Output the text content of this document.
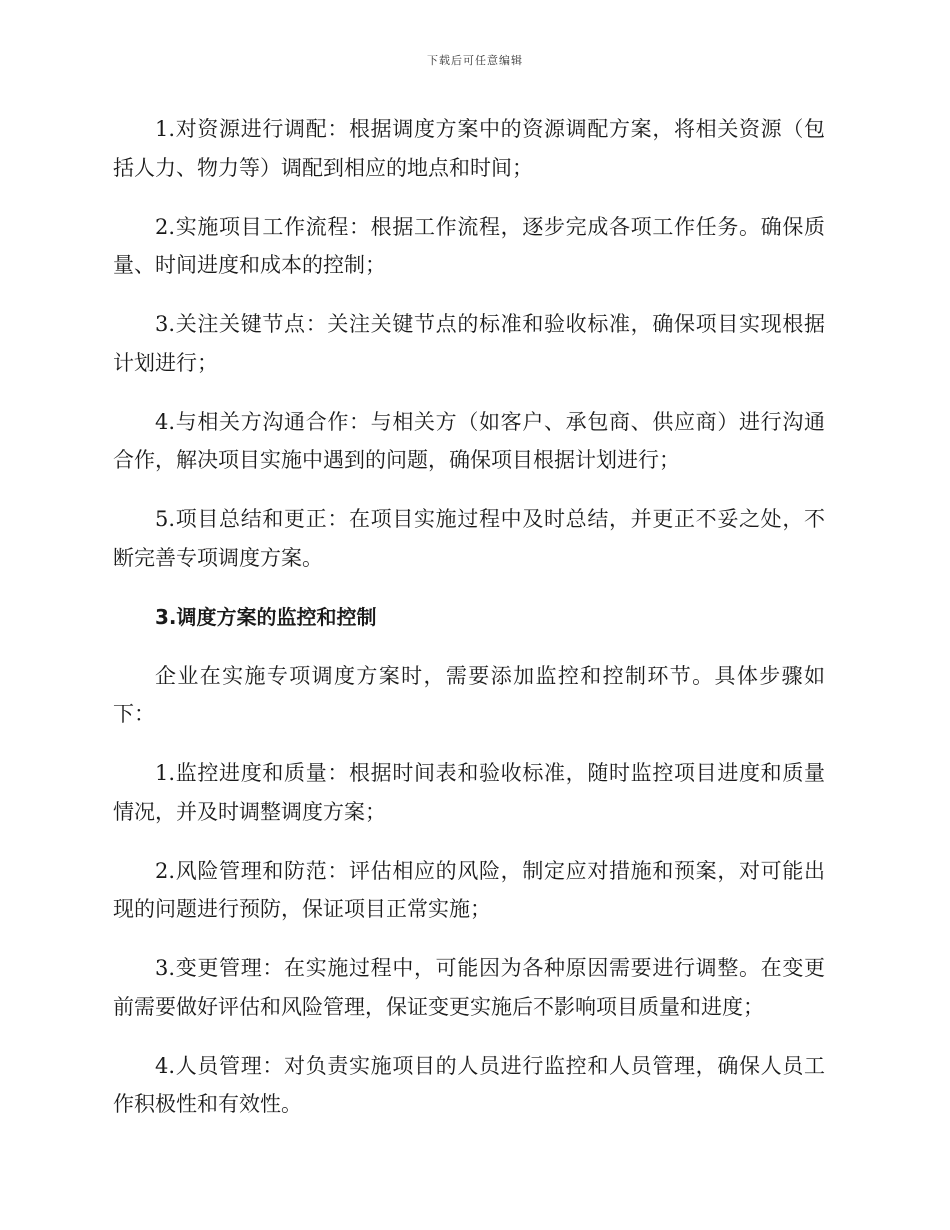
下载后可任意编辑

1.对资源进行调配：根据调度方案中的资源调配方案，将相关资源（包括人力、物力等）调配到相应的地点和时间；

2.实施项目工作流程：根据工作流程，逐步完成各项工作任务。确保质量、时间进度和成本的控制；

3.关注关键节点：关注关键节点的标准和验收标准，确保项目实现根据计划进行；

4.与相关方沟通合作：与相关方（如客户、承包商、供应商）进行沟通合作，解决项目实施中遇到的问题，确保项目根据计划进行；

5.项目总结和更正：在项目实施过程中及时总结，并更正不妥之处，不断完善专项调度方案。

3.调度方案的监控和控制

企业在实施专项调度方案时，需要添加监控和控制环节。具体步骤如下：

1.监控进度和质量：根据时间表和验收标准，随时监控项目进度和质量情况，并及时调整调度方案；

2.风险管理和防范：评估相应的风险，制定应对措施和预案，对可能出现的问题进行预防，保证项目正常实施；

3.变更管理：在实施过程中，可能因为各种原因需要进行调整。在变更前需要做好评估和风险管理，保证变更实施后不影响项目质量和进度；

4.人员管理：对负责实施项目的人员进行监控和人员管理，确保人员工作积极性和有效性。
